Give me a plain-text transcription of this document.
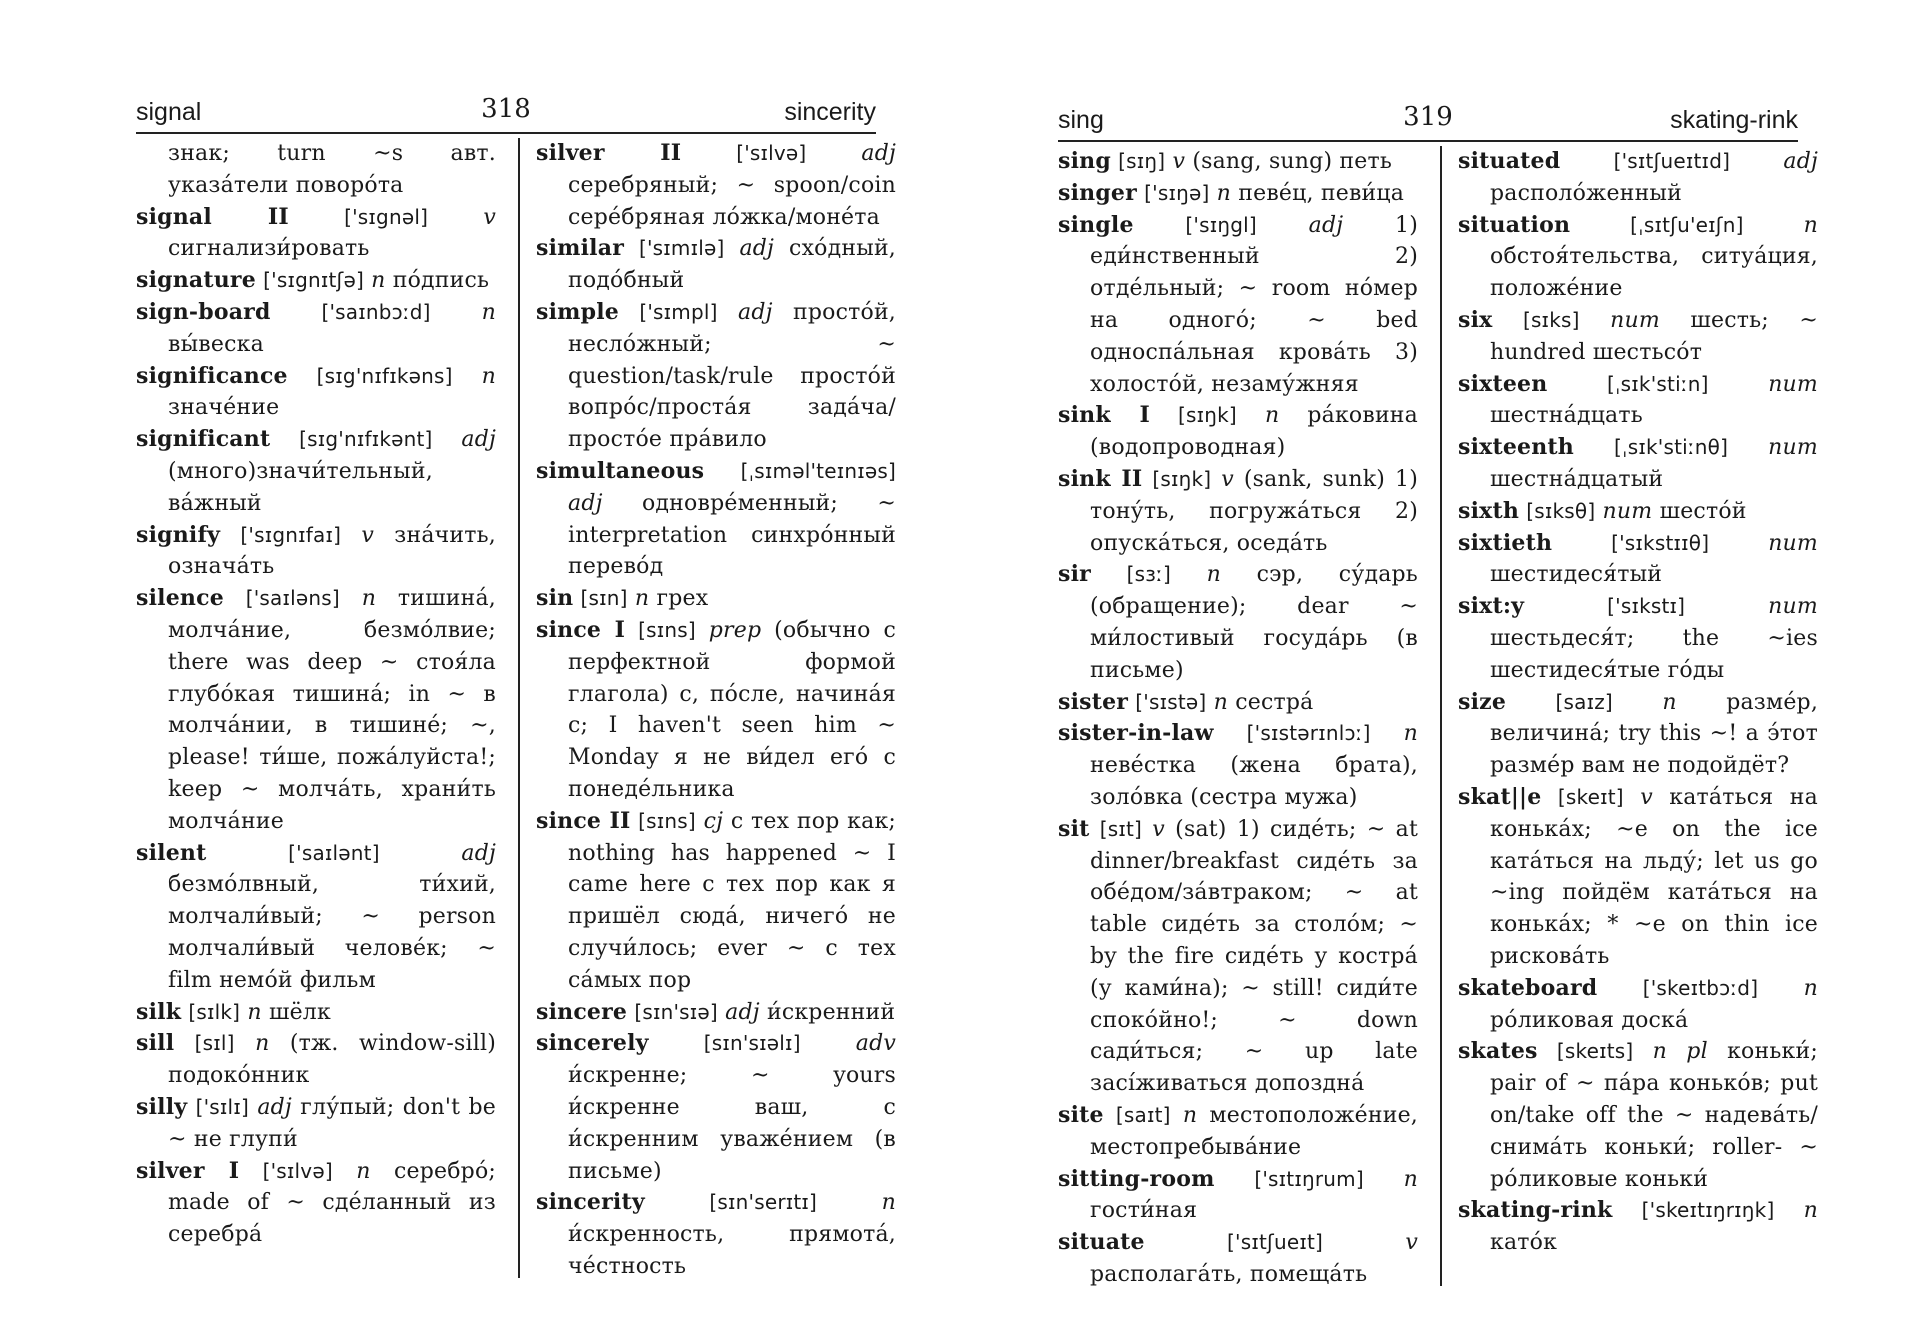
signal	318	sincerity
знак; turn ~s авт. указа́тели поворо́та
signal II	['sɪgnəl]	v сигнализи́ровать
signature ['sɪgnɪtʃə] n по́дпись
sign-board	['saɪnbɔːd] n вы́веска
significance [sɪg'nɪfɪkəns] n значе́ние
significant [sɪg'nɪfɪkənt] adj (много)значи́тельный, ва́жный
signify ['sɪgnɪfaɪ] v зна́чить, означа́ть
silence ['saɪləns] n тишина́, молча́ние, безмо́лвие; there was deep ~ стоя́ла глубо́кая тишина́; in ~ в молча́нии, в тишине́; ~, please! ти́ше, пожа́луйста!; keep ~ молча́ть, храни́ть молча́ние
silent	['saɪlənt]	adj безмо́лвный, ти́хий, молчали́вый; ~ person молчали́вый челове́к; ~ film немо́й фильм
silk [sɪlk] n шёлк
sill [sɪl] n (тж. window-sill) подоко́нник
silly ['sɪlɪ] adj глу́пый; don't be ~ не глупи́
silver I ['sɪlvə] n серебро́; made of ~ сде́ланный из серебра́
silver II	['sɪlvə] adj серебряный; ~ spoon/coin сере́бряная ло́жка/моне́та
similar ['sɪmɪlə] adj схо́дный, подо́бный
simple ['sɪmpl] adj просто́й, несло́жный; ~ question/task/rule просто́й вопро́с/проста́я зада́ча/просто́е пра́вило
simultaneous [ˌsɪməl'teɪnɪəs] adj одновре́менный; ~ interpretation синхро́нный перево́д
sin [sɪn] n грех
since I [sɪns] prep (обычно с перфектной формой глагола) с, по́сле, начина́я с; I haven't seen him ~ Monday я не ви́дел его́ с понеде́льника
since II [sɪns] cj с тех пор как; nothing has happened ~ I came here с тех пор как я пришёл сюда́, ничего́ не случи́лось; ever ~ с тех са́мых пор
sincere [sɪn'sɪə] adj и́скренний
sincerely	[sɪn'sɪəlɪ]	adv и́скренне; ~ yours и́скренне ваш, с и́скренним уваже́нием (в письме)
sincerity	[sɪn'serɪtɪ]	n и́скренность, прямота́, че́стность
sing	319	skating-rink
sing [sɪŋ] v (sang, sung) петь
singer ['sɪŋə] n певе́ц, певи́ца
single	['sɪŋgl] adj 1) еди́нственный 2) отде́льный; ~ room но́мер на одного́; ~ bed односпа́льная крова́ть 3) холосто́й, незаму́жняя
sink I [sɪŋk] n ра́ковина (водопроводная)
sink II [sɪŋk] v (sank, sunk) 1) тону́ть, погружа́ться 2) опуска́ться, оседа́ть
sir [sɜː] n сэр, су́дарь (обращение); dear ~ ми́лостивый госуда́рь (в письме)
sister ['sɪstə] n сестра́
sister-in-law ['sɪstərɪnlɔː] n неве́стка (жена брата), золо́вка (сестра мужа)
sit [sɪt] v (sat) 1) сиде́ть; ~ at dinner/breakfast сиде́ть за обе́дом/за́втраком; ~ at table сиде́ть за столо́м; ~ by the fire сиде́ть у костра́ (у ками́на); ~ still! сиди́те споко́йно!; ~ down сади́ться; ~ up late засíживаться допоздна́
site [saɪt] n местоположе́ние, местопребыва́ние
sitting-room ['sɪtɪŋrum] n гости́ная
situate	['sɪtʃueɪt]	v располага́ть, помеща́ть
situated	['sɪtʃueɪtɪd] adj располо́женный
situation	[ˌsɪtʃu'eɪʃn]	n обстоя́тельства, ситуа́ция, положе́ние
six [sɪks] num шесть; ~ hundred шестьсо́т
sixteen	[ˌsɪk'stiːn]	num шестна́дцать
sixteenth [ˌsɪk'stiːnθ] num шестна́дцатый
sixth [sɪksθ] num шесто́й
sixtieth	['sɪkstɪɪθ]	num шестидеся́тый
sixt:y	['sɪkstɪ]	num шестьдеся́т; the ~ies шестидеся́тые го́ды
size [saɪz] n разме́р, величина́; try this ~! а э́тот разме́р вам не подойдёт?
skat||e [skeɪt] v ката́ться на конька́х; ~e on the ice ката́ться на льду́; let us go ~ing пойдём ката́ться на конька́х; * ~e on thin ice рискова́ть
skateboard ['skeɪtbɔːd] n ро́ликовая доска́
skates [skeɪts] n pl коньки́; pair of ~ па́ра конько́в; put on/take off the ~ надева́ть/снима́ть коньки́; roller- ~ ро́ликовые коньки́
skating-rink ['skeɪtɪŋrɪŋk] n като́к
